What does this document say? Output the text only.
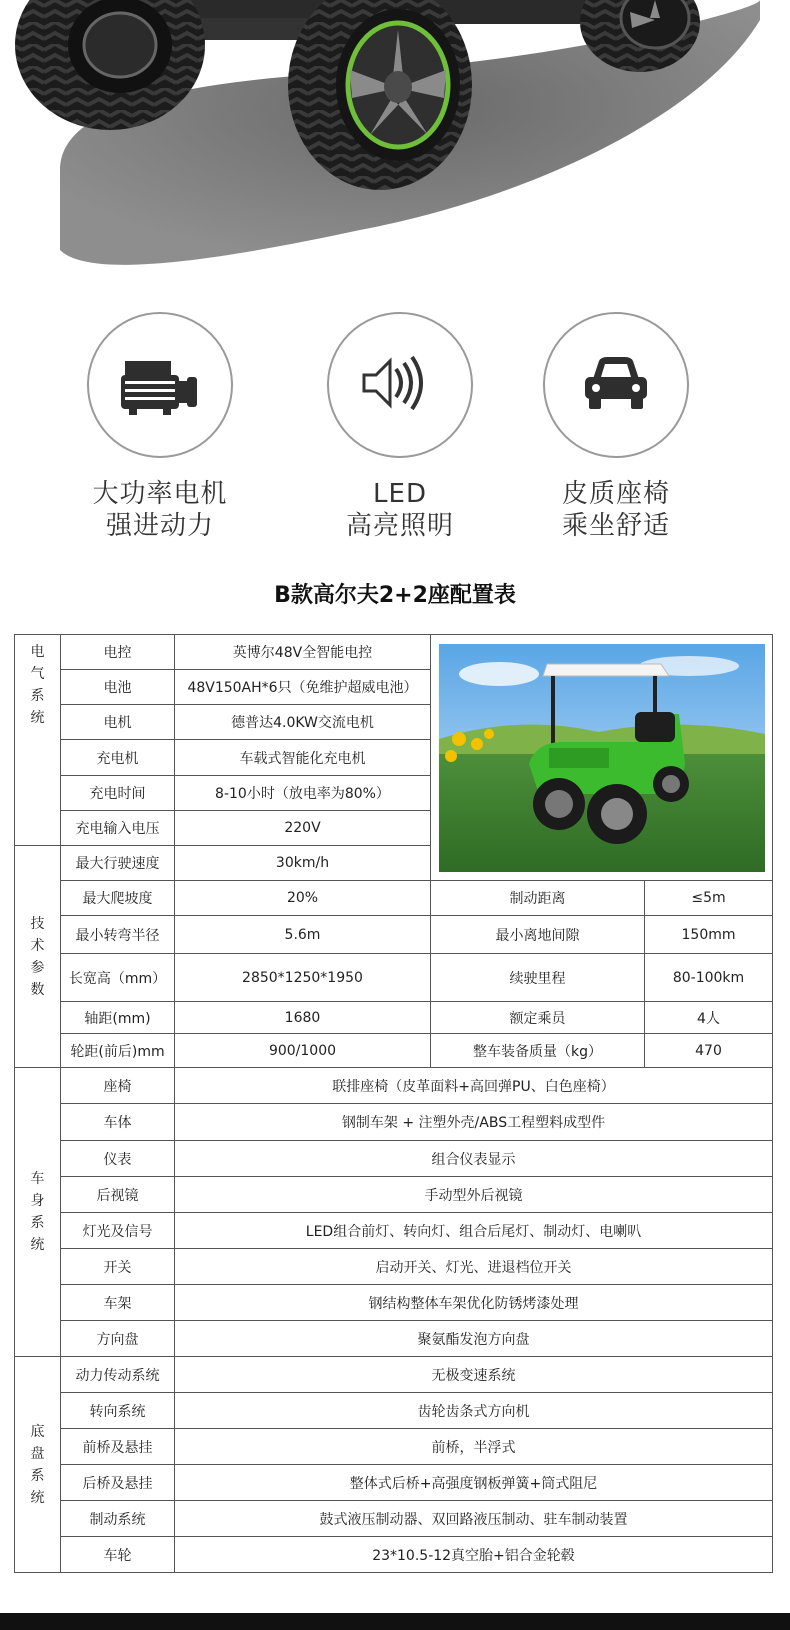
大功率电机
强进动力
LED
高亮照明
皮质座椅
乘坐舒适
B款高尔夫2+2座配置表
电
气
系
统	电控	英博尔48V全智能电控	

	电池	48V150AH*6只（免维护超威电池）		
	电机	德普达4.0KW交流电机		
	充电机	车载式智能化充电机		
	充电时间	8-10小时（放电率为80%）		
	充电输入电压	220V		

技
术
参
数	最大行驶速度	30km/h		
	最大爬坡度	20%	制动距离	≤5m
	最小转弯半径	5.6m	最小离地间隙	150mm
	长宽高（mm）	2850*1250*1950	续驶里程	80-100km
	轴距(mm)	1680	额定乘员	4人
	轮距(前后)mm	900/1000	整车装备质量（kg）	470

车
身
系
统	座椅	联排座椅（皮革面料+高回弹PU、白色座椅）		
	车体	钢制车架 + 注塑外壳/ABS工程塑料成型件		
	仪表	组合仪表显示		
	后视镜	手动型外后视镜		
	灯光及信号	LED组合前灯、转向灯、组合后尾灯、制动灯、电喇叭		
	开关	启动开关、灯光、进退档位开关		
	车架	钢结构整体车架优化防锈烤漆处理		
	方向盘	聚氨酯发泡方向盘		

底
盘
系
统	动力传动系统	无极变速系统		
	转向系统	齿轮齿条式方向机		
	前桥及悬挂	前桥，半浮式		
	后桥及悬挂	整体式后桥+高强度钢板弹簧+筒式阻尼		
	制动系统	鼓式液压制动器、双回路液压制动、驻车制动装置		
	车轮	23*10.5-12真空胎+铝合金轮毂		
